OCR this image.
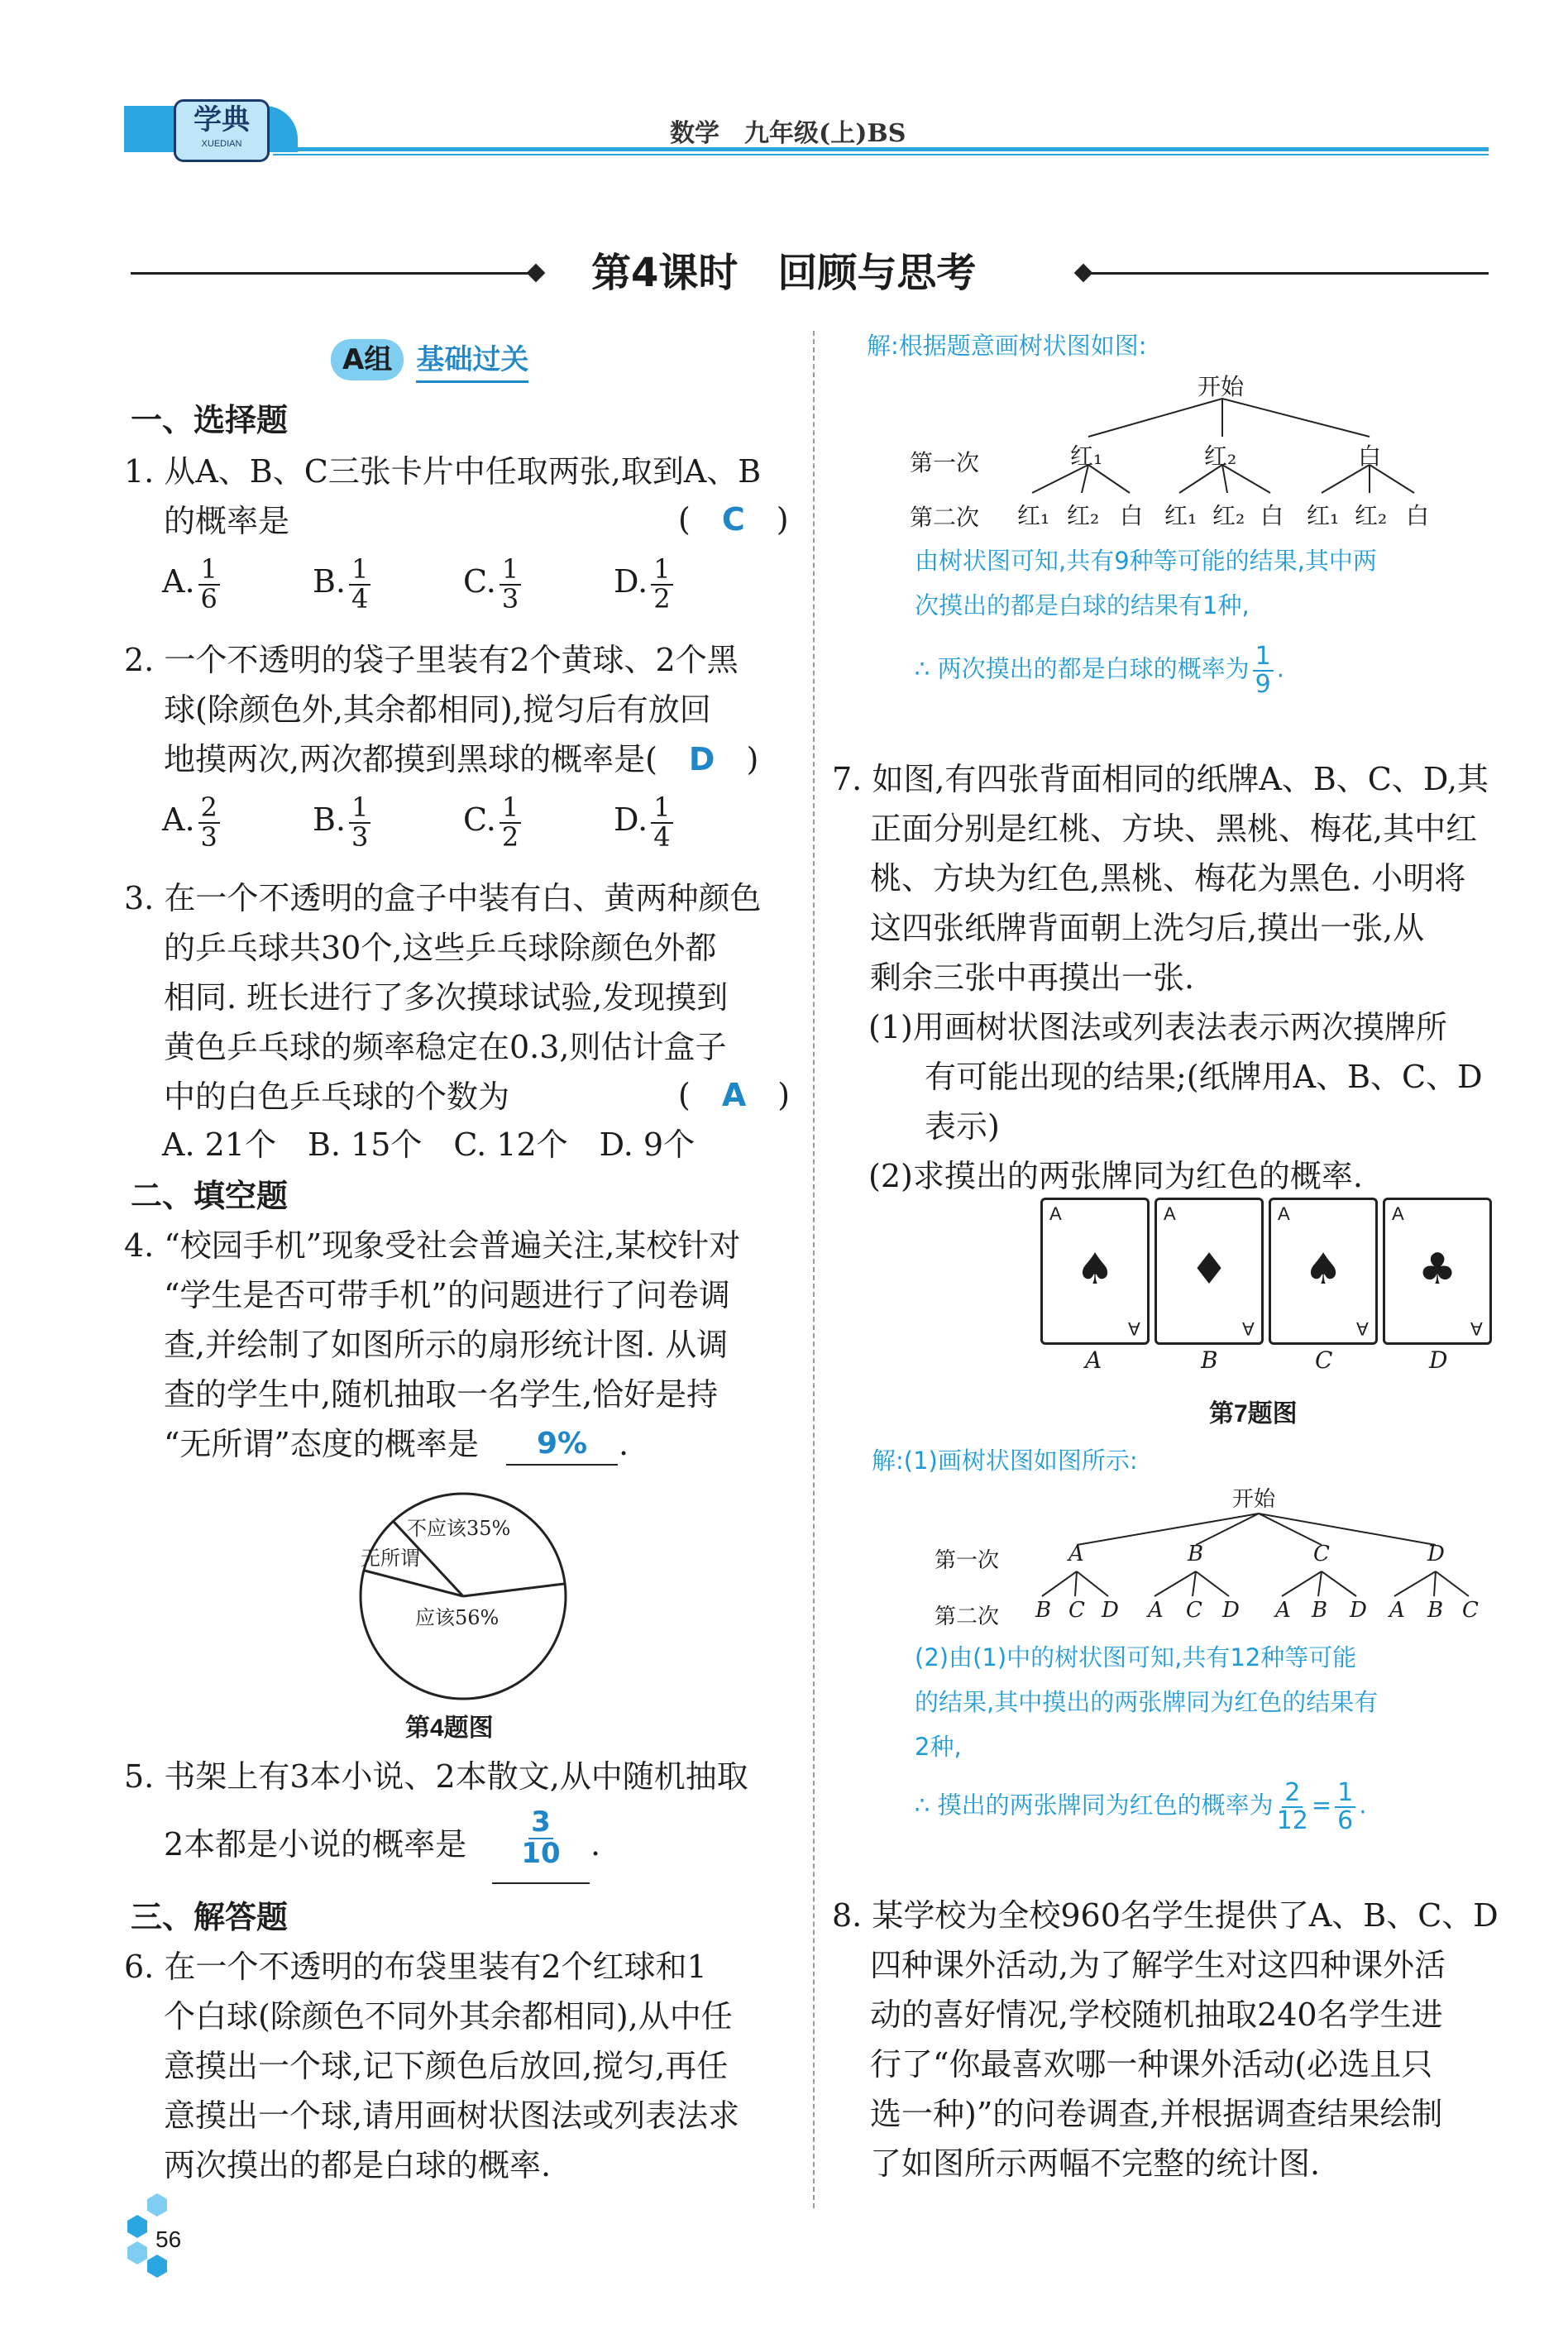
学典
XUEDIAN	数学　九年级(上)BS
第4课时　回顾与思考
A组 基础过关
一、选择题
1. 从A、B、C三张卡片中任取两张,取到A、B
的概率是	(　C　)
A. $\frac{1}{6}$	B. $\frac{1}{4}$	C. $\frac{1}{3}$	D. $\frac{1}{2}$
2. 一个不透明的袋子里装有2个黄球、2个黑
球(除颜色外,其余都相同),搅匀后有放回
地摸两次,两次都摸到黑球的概率是(　 D　)
A. $\frac{2}{3}$	B. $\frac{1}{3}$	C. $\frac{1}{2}$	D. $\frac{1}{4}$
3. 在一个不透明的盒子中装有白、黄两种颜色
的乒乓球共30个,这些乒乓球除颜色外都
相同. 班长进行了多次摸球试验,发现摸到
黄色乒乓球的频率稳定在0.3,则估计盒子
中的白色乒乓球的个数为	(　A　)
A. 21个　B. 15个　C. 12个　D. 9个
二、填空题
4. “校园手机”现象受社会普遍关注,某校针对
“学生是否可带手机”的问题进行了问卷调
查,并绘制了如图所示的扇形统计图. 从调
查的学生中,随机抽取一名学生,恰好是持
“无所谓”态度的概率是	9% .
不应该35%
无所谓
应该56%
第4题图
5. 书架上有3本小说、2本散文,从中随机抽取
2本都是小说的概率是 $\frac{3}{10}$ .
三、解答题
6. 在一个不透明的布袋里装有2个红球和1
个白球(除颜色不同外其余都相同),从中任
意摸出一个球,记下颜色后放回,搅匀,再任
意摸出一个球,请用画树状图法或列表法求
两次摸出的都是白球的概率.
解:根据题意画树状图如图:
开始
第一次	红₁	红₂	白
第二次 红₁ 红₂ 白 红₁ 红₂ 白 红₁ 红₂ 白
由树状图可知,共有9种等可能的结果,其中两
次摸出的都是白球的结果有1种,
∴ 两次摸出的都是白球的概率为 $\frac{1}{9}$ .
7. 如图,有四张背面相同的纸牌A、B、C、D,其
正面分别是红桃、方块、黑桃、梅花,其中红
桃、方块为红色,黑桃、梅花为黑色. 小明将
这四张纸牌背面朝上洗匀后,摸出一张,从
剩余三张中再摸出一张.
(1)用画树状图法或列表法表示两次摸牌所
有可能出现的结果;(纸牌用A、B、C、D
表示)
(2)求摸出的两张牌同为红色的概率.
A
A
♠
A
A
♦
A
A
♠
A
A
♣
A	B	C	D
第7题图
解:(1)画树状图如图所示:
开始
第一次	A	B	C	D
第二次 B C D A C D A B D A B C
(2)由(1)中的树状图可知,共有12种等可能
的结果,其中摸出的两张牌同为红色的结果有
2种,
∴ 摸出的两张牌同为红色的概率为 $\frac{2}{12} = \frac{1}{6}$ .
8. 某学校为全校960名学生提供了A、B、C、D
四种课外活动,为了解学生对这四种课外活
动的喜好情况,学校随机抽取240名学生进
行了“你最喜欢哪一种课外活动(必选且只
选一种)”的问卷调查,并根据调查结果绘制
了如图所示两幅不完整的统计图.
56
